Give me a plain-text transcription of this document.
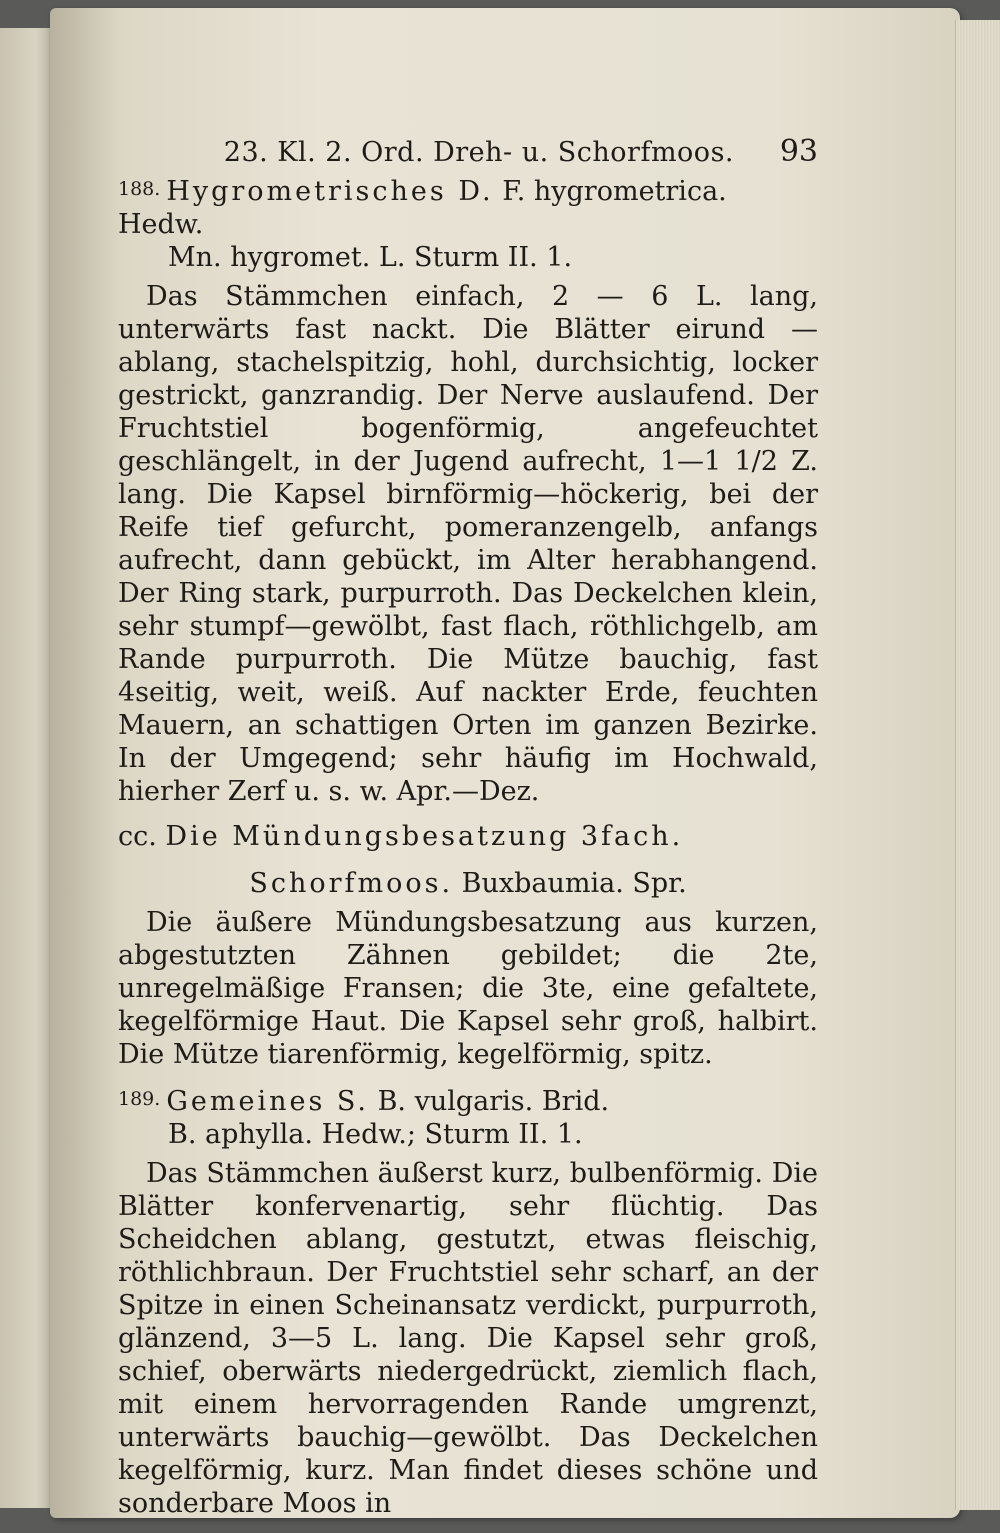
23. Kl. 2. Ord. Dreh- u. Schorfmoos.	93
188. Hygrometrisches D. F. hygrometrica. Hedw.
Mn. hygromet. L. Sturm II. 1.

Das Stämmchen einfach, 2 — 6 L. lang, unterwärts fast nackt. Die Blätter eirund — ablang, stachelspitzig, hohl, durchsichtig, locker gestrickt, ganzrandig. Der Nerve auslaufend. Der Fruchtstiel bogenförmig, angefeuchtet geschlängelt, in der Jugend aufrecht, 1—1 1/2 Z. lang. Die Kapsel birnförmig—höckerig, bei der Reife tief gefurcht, pomeranzengelb, anfangs aufrecht, dann gebückt, im Alter herabhangend. Der Ring stark, purpurroth. Das Deckelchen klein, sehr stumpf—gewölbt, fast flach, röthlichgelb, am Rande purpurroth. Die Mütze bauchig, fast 4seitig, weit, weiß. Auf nackter Erde, feuchten Mauern, an schattigen Orten im ganzen Bezirke. In der Umgegend; sehr häufig im Hochwald, hierher Zerf u. s. w. Apr.—Dez.

cc. Die Mündungsbesatzung 3fach.
Schorfmoos. Buxbaumia. Spr.

Die äußere Mündungsbesatzung aus kurzen, abgestutzten Zähnen gebildet; die 2te, unregelmäßige Fransen; die 3te, eine gefaltete, kegelförmige Haut. Die Kapsel sehr groß, halbirt. Die Mütze tiarenförmig, kegelförmig, spitz.

189. Gemeines S. B. vulgaris. Brid.
B. aphylla. Hedw.; Sturm II. 1.

Das Stämmchen äußerst kurz, bulbenförmig. Die Blätter konfervenartig, sehr flüchtig. Das Scheidchen ablang, gestutzt, etwas fleischig, röthlichbraun. Der Fruchtstiel sehr scharf, an der Spitze in einen Scheinansatz verdickt, purpurroth, glänzend, 3—5 L. lang. Die Kapsel sehr groß, schief, oberwärts niedergedrückt, ziemlich flach, mit einem hervorragenden Rande umgrenzt, unterwärts bauchig—gewölbt. Das Deckelchen kegelförmig, kurz. Man findet dieses schöne und sonderbare Moos in
